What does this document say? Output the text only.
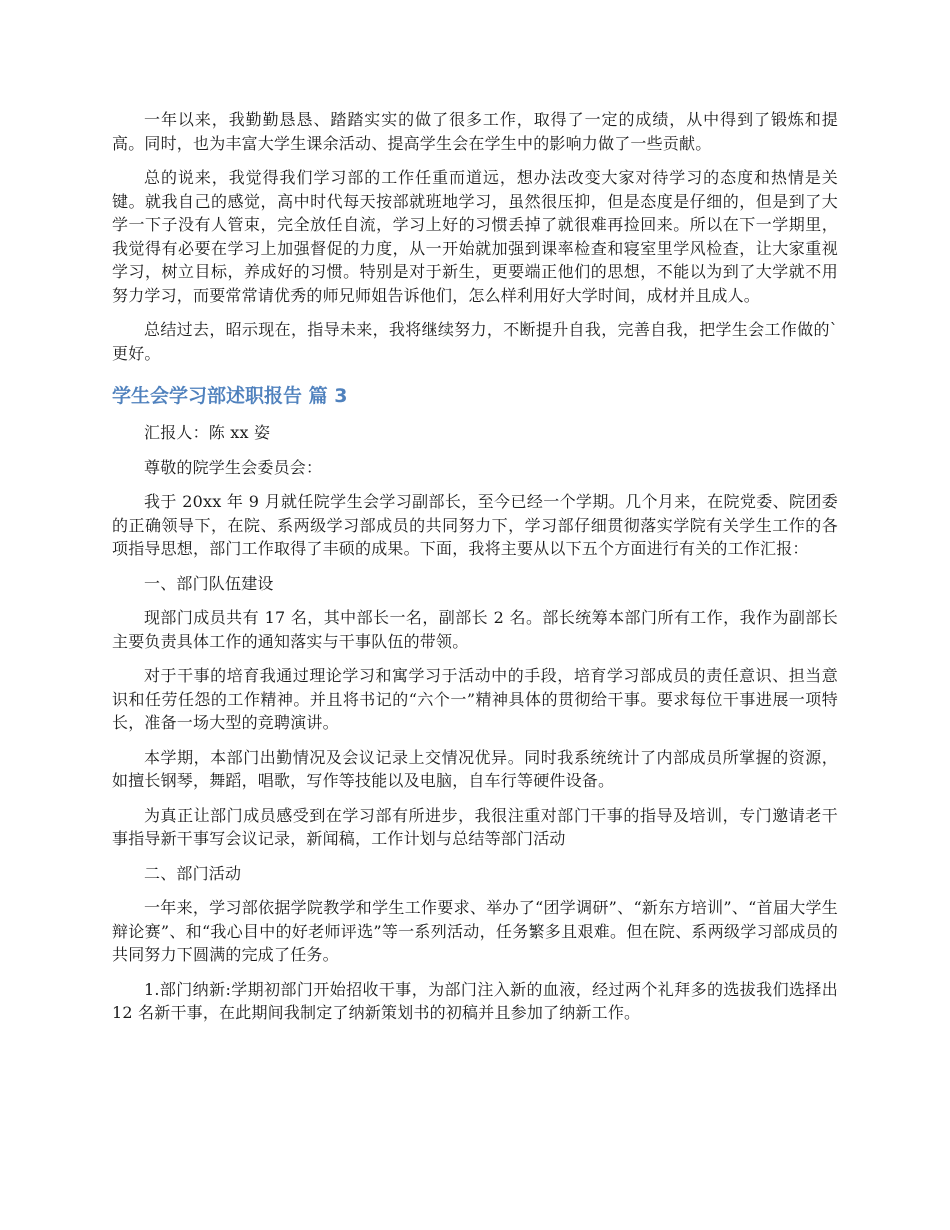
一年以来，我勤勤恳恳、踏踏实实的做了很多工作，取得了一定的成绩，从中得到了锻炼和提高。同时，也为丰富大学生课余活动、提高学生会在学生中的影响力做了一些贡献。

总的说来，我觉得我们学习部的工作任重而道远，想办法改变大家对待学习的态度和热情是关键。就我自己的感觉，高中时代每天按部就班地学习，虽然很压抑，但是态度是仔细的，但是到了大学一下子没有人管束，完全放任自流，学习上好的习惯丢掉了就很难再捡回来。所以在下一学期里，我觉得有必要在学习上加强督促的力度，从一开始就加强到课率检查和寝室里学风检查，让大家重视学习，树立目标，养成好的习惯。特别是对于新生，更要端正他们的思想，不能以为到了大学就不用努力学习，而要常常请优秀的师兄师姐告诉他们，怎么样利用好大学时间，成材并且成人。

总结过去，昭示现在，指导未来，我将继续努力，不断提升自我，完善自我，把学生会工作做的`更好。

学生会学习部述职报告 篇 3

汇报人：陈 xx 姿

尊敬的院学生会委员会：

我于 20xx 年 9 月就任院学生会学习副部长，至今已经一个学期。几个月来，在院党委、院团委的正确领导下，在院、系两级学习部成员的共同努力下，学习部仔细贯彻落实学院有关学生工作的各项指导思想，部门工作取得了丰硕的成果。下面，我将主要从以下五个方面进行有关的工作汇报：

一、部门队伍建设

现部门成员共有 17 名，其中部长一名，副部长 2 名。部长统筹本部门所有工作，我作为副部长主要负责具体工作的通知落实与干事队伍的带领。

对于干事的培育我通过理论学习和寓学习于活动中的手段，培育学习部成员的责任意识、担当意识和任劳任怨的工作精神。并且将书记的“六个一”精神具体的贯彻给干事。要求每位干事进展一项特长，准备一场大型的竞聘演讲。

本学期，本部门出勤情况及会议记录上交情况优异。同时我系统统计了内部成员所掌握的资源，如擅长钢琴，舞蹈，唱歌，写作等技能以及电脑，自车行等硬件设备。

为真正让部门成员感受到在学习部有所进步，我很注重对部门干事的指导及培训，专门邀请老干事指导新干事写会议记录，新闻稿，工作计划与总结等部门活动

二、部门活动

一年来，学习部依据学院教学和学生工作要求、举办了“团学调研”、“新东方培训”、“首届大学生辩论赛”、和“我心目中的好老师评选”等一系列活动，任务繁多且艰难。但在院、系两级学习部成员的共同努力下圆满的完成了任务。

1.部门纳新:学期初部门开始招收干事，为部门注入新的血液，经过两个礼拜多的选拔我们选择出 12 名新干事，在此期间我制定了纳新策划书的初稿并且参加了纳新工作。
